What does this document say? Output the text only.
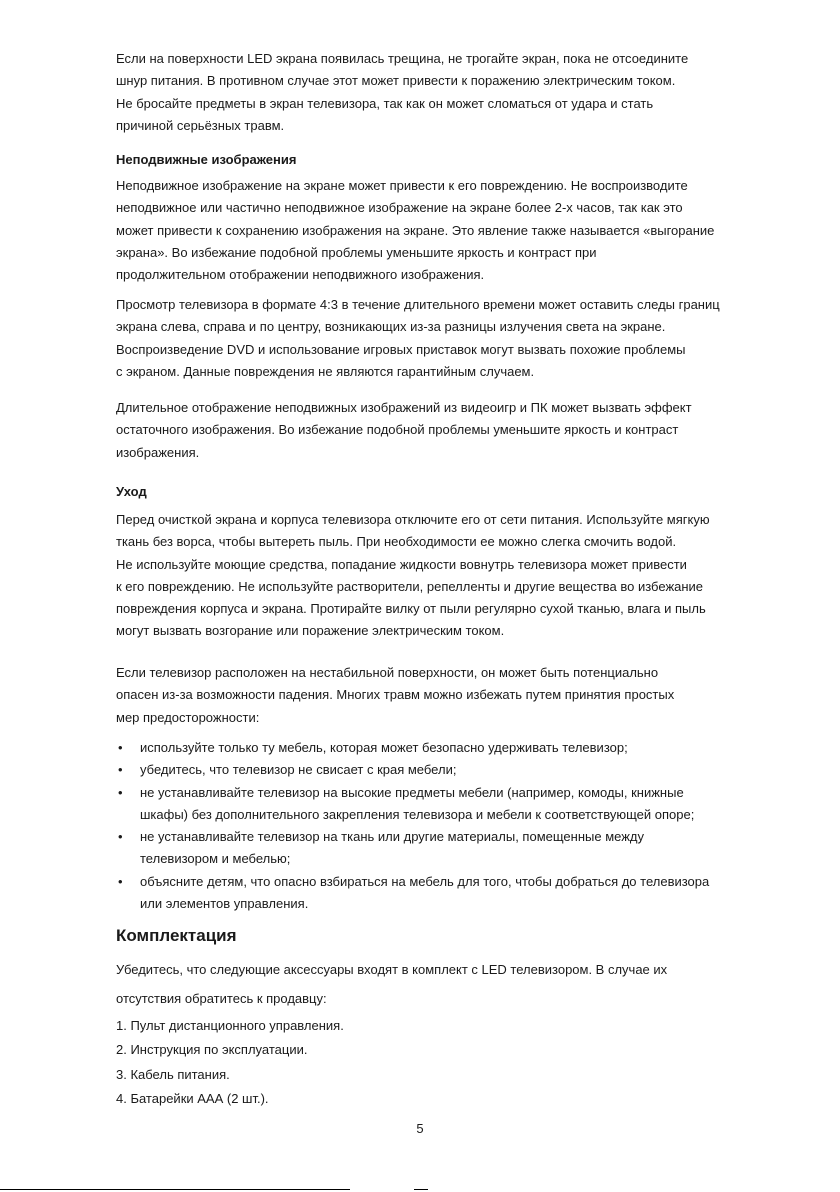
Если на поверхности LED экрана появилась трещина, не трогайте экран, пока не отсоедините
шнур питания. В противном случае этот может привести к поражению электрическим током.
Не бросайте предметы в экран телевизора, так как он может сломаться от удара и стать
причиной серьёзных травм.
Неподвижные изображения
Неподвижное изображение на экране может привести к его повреждению. Не воспроизводите
неподвижное или частично неподвижное изображение на экране более 2-х часов, так как это
может привести к сохранению изображения на экране. Это явление также называется «выгорание
экрана». Во избежание подобной проблемы уменьшите яркость и контраст при
продолжительном отображении неподвижного изображения.
Просмотр телевизора в формате 4:3 в течение длительного времени может оставить следы границ
экрана слева, справа и по центру, возникающих из-за разницы излучения света на экране.
Воспроизведение DVD и использование игровых приставок могут вызвать похожие проблемы
с экраном. Данные повреждения не являются гарантийным случаем.
Длительное отображение неподвижных изображений из видеоигр и ПК может вызвать эффект
остаточного изображения. Во избежание подобной проблемы уменьшите яркость и контраст
изображения.
Уход
Перед очисткой экрана и корпуса телевизора отключите его от сети питания. Используйте мягкую
ткань без ворса, чтобы вытереть пыль. При необходимости ее можно слегка смочить водой.
Не используйте моющие средства, попадание жидкости вовнутрь телевизора может привести
к его повреждению. Не используйте растворители, репелленты и другие вещества во избежание
повреждения корпуса и экрана. Протирайте вилку от пыли регулярно сухой тканью, влага и пыль
могут вызвать возгорание или поражение электрическим током.
Если телевизор расположен на нестабильной поверхности, он может быть потенциально
опасен из-за возможности падения. Многих травм можно избежать путем принятия простых
мер предосторожности:
• используйте только ту мебель, которая может безопасно удерживать телевизор;
• убедитесь, что телевизор не свисает с края мебели;
• не устанавливайте телевизор на высокие предметы мебели (например, комоды, книжные
шкафы) без дополнительного закрепления телевизора и мебели к соответствующей опоре;
• не устанавливайте телевизор на ткань или другие материалы, помещенные между
телевизором и мебелью;
• объясните детям, что опасно взбираться на мебель для того, чтобы добраться до телевизора
или элементов управления.
Комплектация
Убедитесь, что следующие аксессуары входят в комплект с LED телевизором. В случае их
отсутствия обратитесь к продавцу:
1. Пульт дистанционного управления.
2. Инструкция по эксплуатации.
3. Кабель питания.
4. Батарейки ААА (2 шт.).
5
